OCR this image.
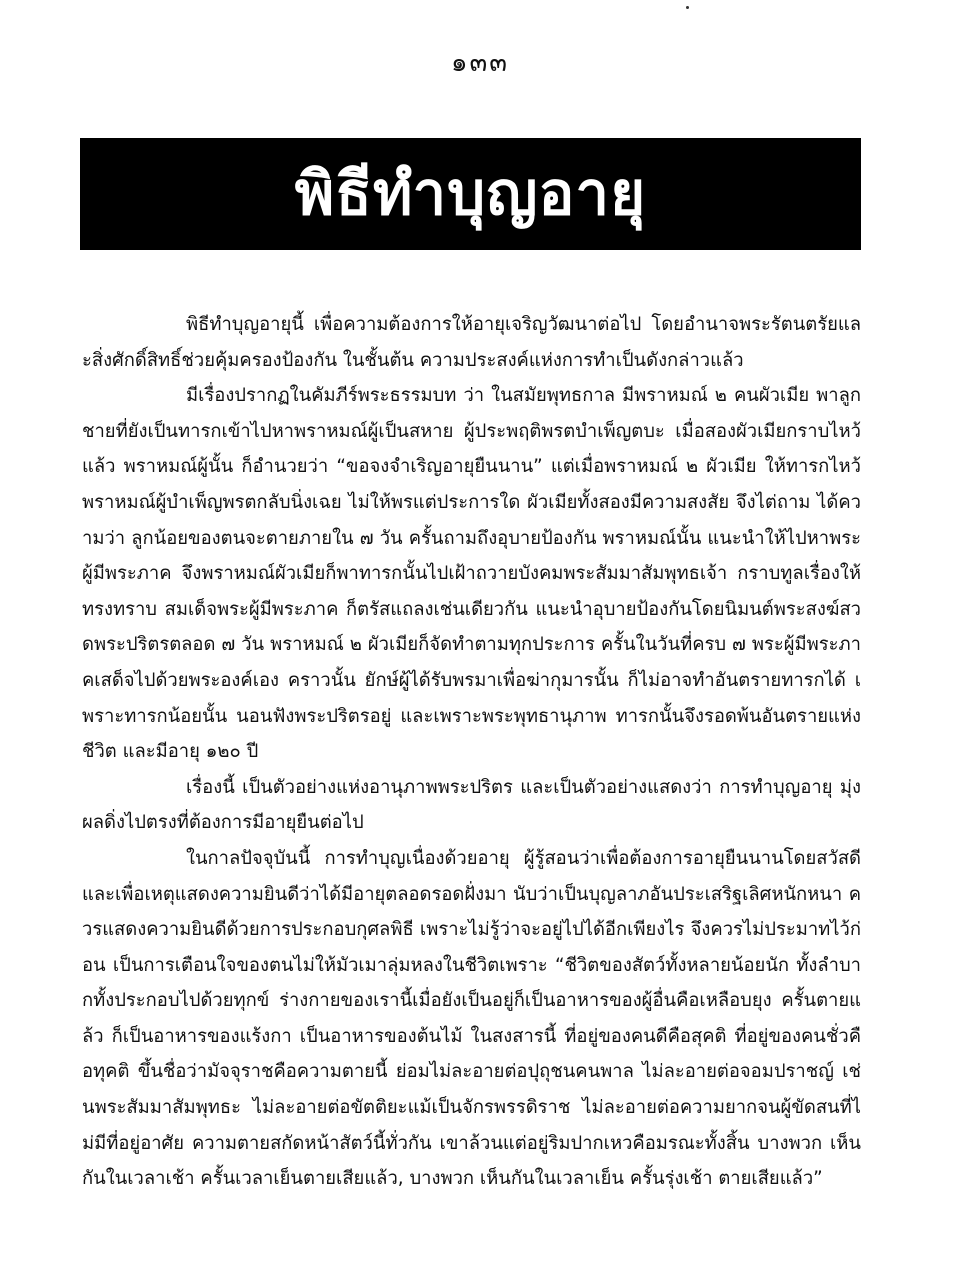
๑๓๓
พิธีทำบุญอายุ

พิธีทำบุญอายุนี้ เพื่อความต้องการให้อายุเจริญวัฒนาต่อไป โดยอำนาจพระรัตนตรัยและสิ่งศักดิ์สิทธิ์ช่วยคุ้มครองป้องกัน ในชั้นต้น ความประสงค์แห่งการทำเป็นดังกล่าวแล้ว

มีเรื่องปรากฏในคัมภีร์พระธรรมบท ว่า ในสมัยพุทธกาล มีพราหมณ์ ๒ คนผัวเมีย พาลูกชายที่ยังเป็นทารกเข้าไปหาพราหมณ์ผู้เป็นสหาย ผู้ประพฤติพรตบำเพ็ญตบะ เมื่อสองผัวเมียกราบไหว้แล้ว พราหมณ์ผู้นั้น ก็อำนวยว่า “ขอจงจำเริญอายุยืนนาน” แต่เมื่อพราหมณ์ ๒ ผัวเมีย ให้ทารกไหว้ พราหมณ์ผู้บำเพ็ญพรตกลับนิ่งเฉย ไม่ให้พรแต่ประการใด ผัวเมียทั้งสองมีความสงสัย จึงไต่ถาม ได้ความว่า ลูกน้อยของตนจะตายภายใน ๗ วัน ครั้นถามถึงอุบายป้องกัน พราหมณ์นั้น แนะนำให้ไปหาพระผู้มีพระภาค จึงพราหมณ์ผัวเมียก็พาทารกนั้นไปเฝ้าถวายบังคมพระสัมมาสัมพุทธเจ้า กราบทูลเรื่องให้ทรงทราบ สมเด็จพระผู้มีพระภาค ก็ตรัสแถลงเช่นเดียวกัน แนะนำอุบายป้องกันโดยนิมนต์พระสงฆ์สวดพระปริตรตลอด ๗ วัน พราหมณ์ ๒ ผัวเมียก็จัดทำตามทุกประการ ครั้นในวันที่ครบ ๗ พระผู้มีพระภาคเสด็จไปด้วยพระองค์เอง คราวนั้น ยักษ์ผู้ได้รับพรมาเพื่อฆ่ากุมารนั้น ก็ไม่อาจทำอันตรายทารกได้ เพราะทารกน้อยนั้น นอนฟังพระปริตรอยู่ และเพราะพระพุทธานุภาพ ทารกนั้นจึงรอดพ้นอันตรายแห่งชีวิต และมีอายุ ๑๒๐ ปี

เรื่องนี้ เป็นตัวอย่างแห่งอานุภาพพระปริตร และเป็นตัวอย่างแสดงว่า การทำบุญอายุ มุ่งผลดิ่งไปตรงที่ต้องการมีอายุยืนต่อไป

ในกาลปัจจุบันนี้ การทำบุญเนื่องด้วยอายุ ผู้รู้สอนว่าเพื่อต้องการอายุยืนนานโดยสวัสดี และเพื่อเหตุแสดงความยินดีว่าได้มีอายุตลอดรอดฝั่งมา นับว่าเป็นบุญลาภอันประเสริฐเลิศหนักหนา ควรแสดงความยินดีด้วยการประกอบกุศลพิธี เพราะไม่รู้ว่าจะอยู่ไปได้อีกเพียงไร จึงควรไม่ประมาทไว้ก่อน เป็นการเตือนใจของตนไม่ให้มัวเมาลุ่มหลงในชีวิตเพราะ “ชีวิตของสัตว์ทั้งหลายน้อยนัก ทั้งลำบากทั้งประกอบไปด้วยทุกข์ ร่างกายของเรานี้เมื่อยังเป็นอยู่ก็เป็นอาหารของผู้อื่นคือเหลือบยุง ครั้นตายแล้ว ก็เป็นอาหารของแร้งกา เป็นอาหารของต้นไม้ ในสงสารนี้ ที่อยู่ของคนดีคือสุคติ ที่อยู่ของคนชั่วคือทุคติ ขึ้นชื่อว่ามัจจุราชคือความตายนี้ ย่อมไม่ละอายต่อปุถุชนคนพาล ไม่ละอายต่อจอมปราชญ์ เช่นพระสัมมาสัมพุทธะ ไม่ละอายต่อขัตติยะแม้เป็นจักรพรรดิราช ไม่ละอายต่อความยากจนผู้ขัดสนที่ไม่มีที่อยู่อาศัย ความตายสกัดหน้าสัตว์นี้ทั่วกัน เขาล้วนแต่อยู่ริมปากเหวคือมรณะทั้งสิ้น บางพวก เห็นกันในเวลาเช้า ครั้นเวลาเย็นตายเสียแล้ว, บางพวก เห็นกันในเวลาเย็น ครั้นรุ่งเช้า ตายเสียแล้ว”
